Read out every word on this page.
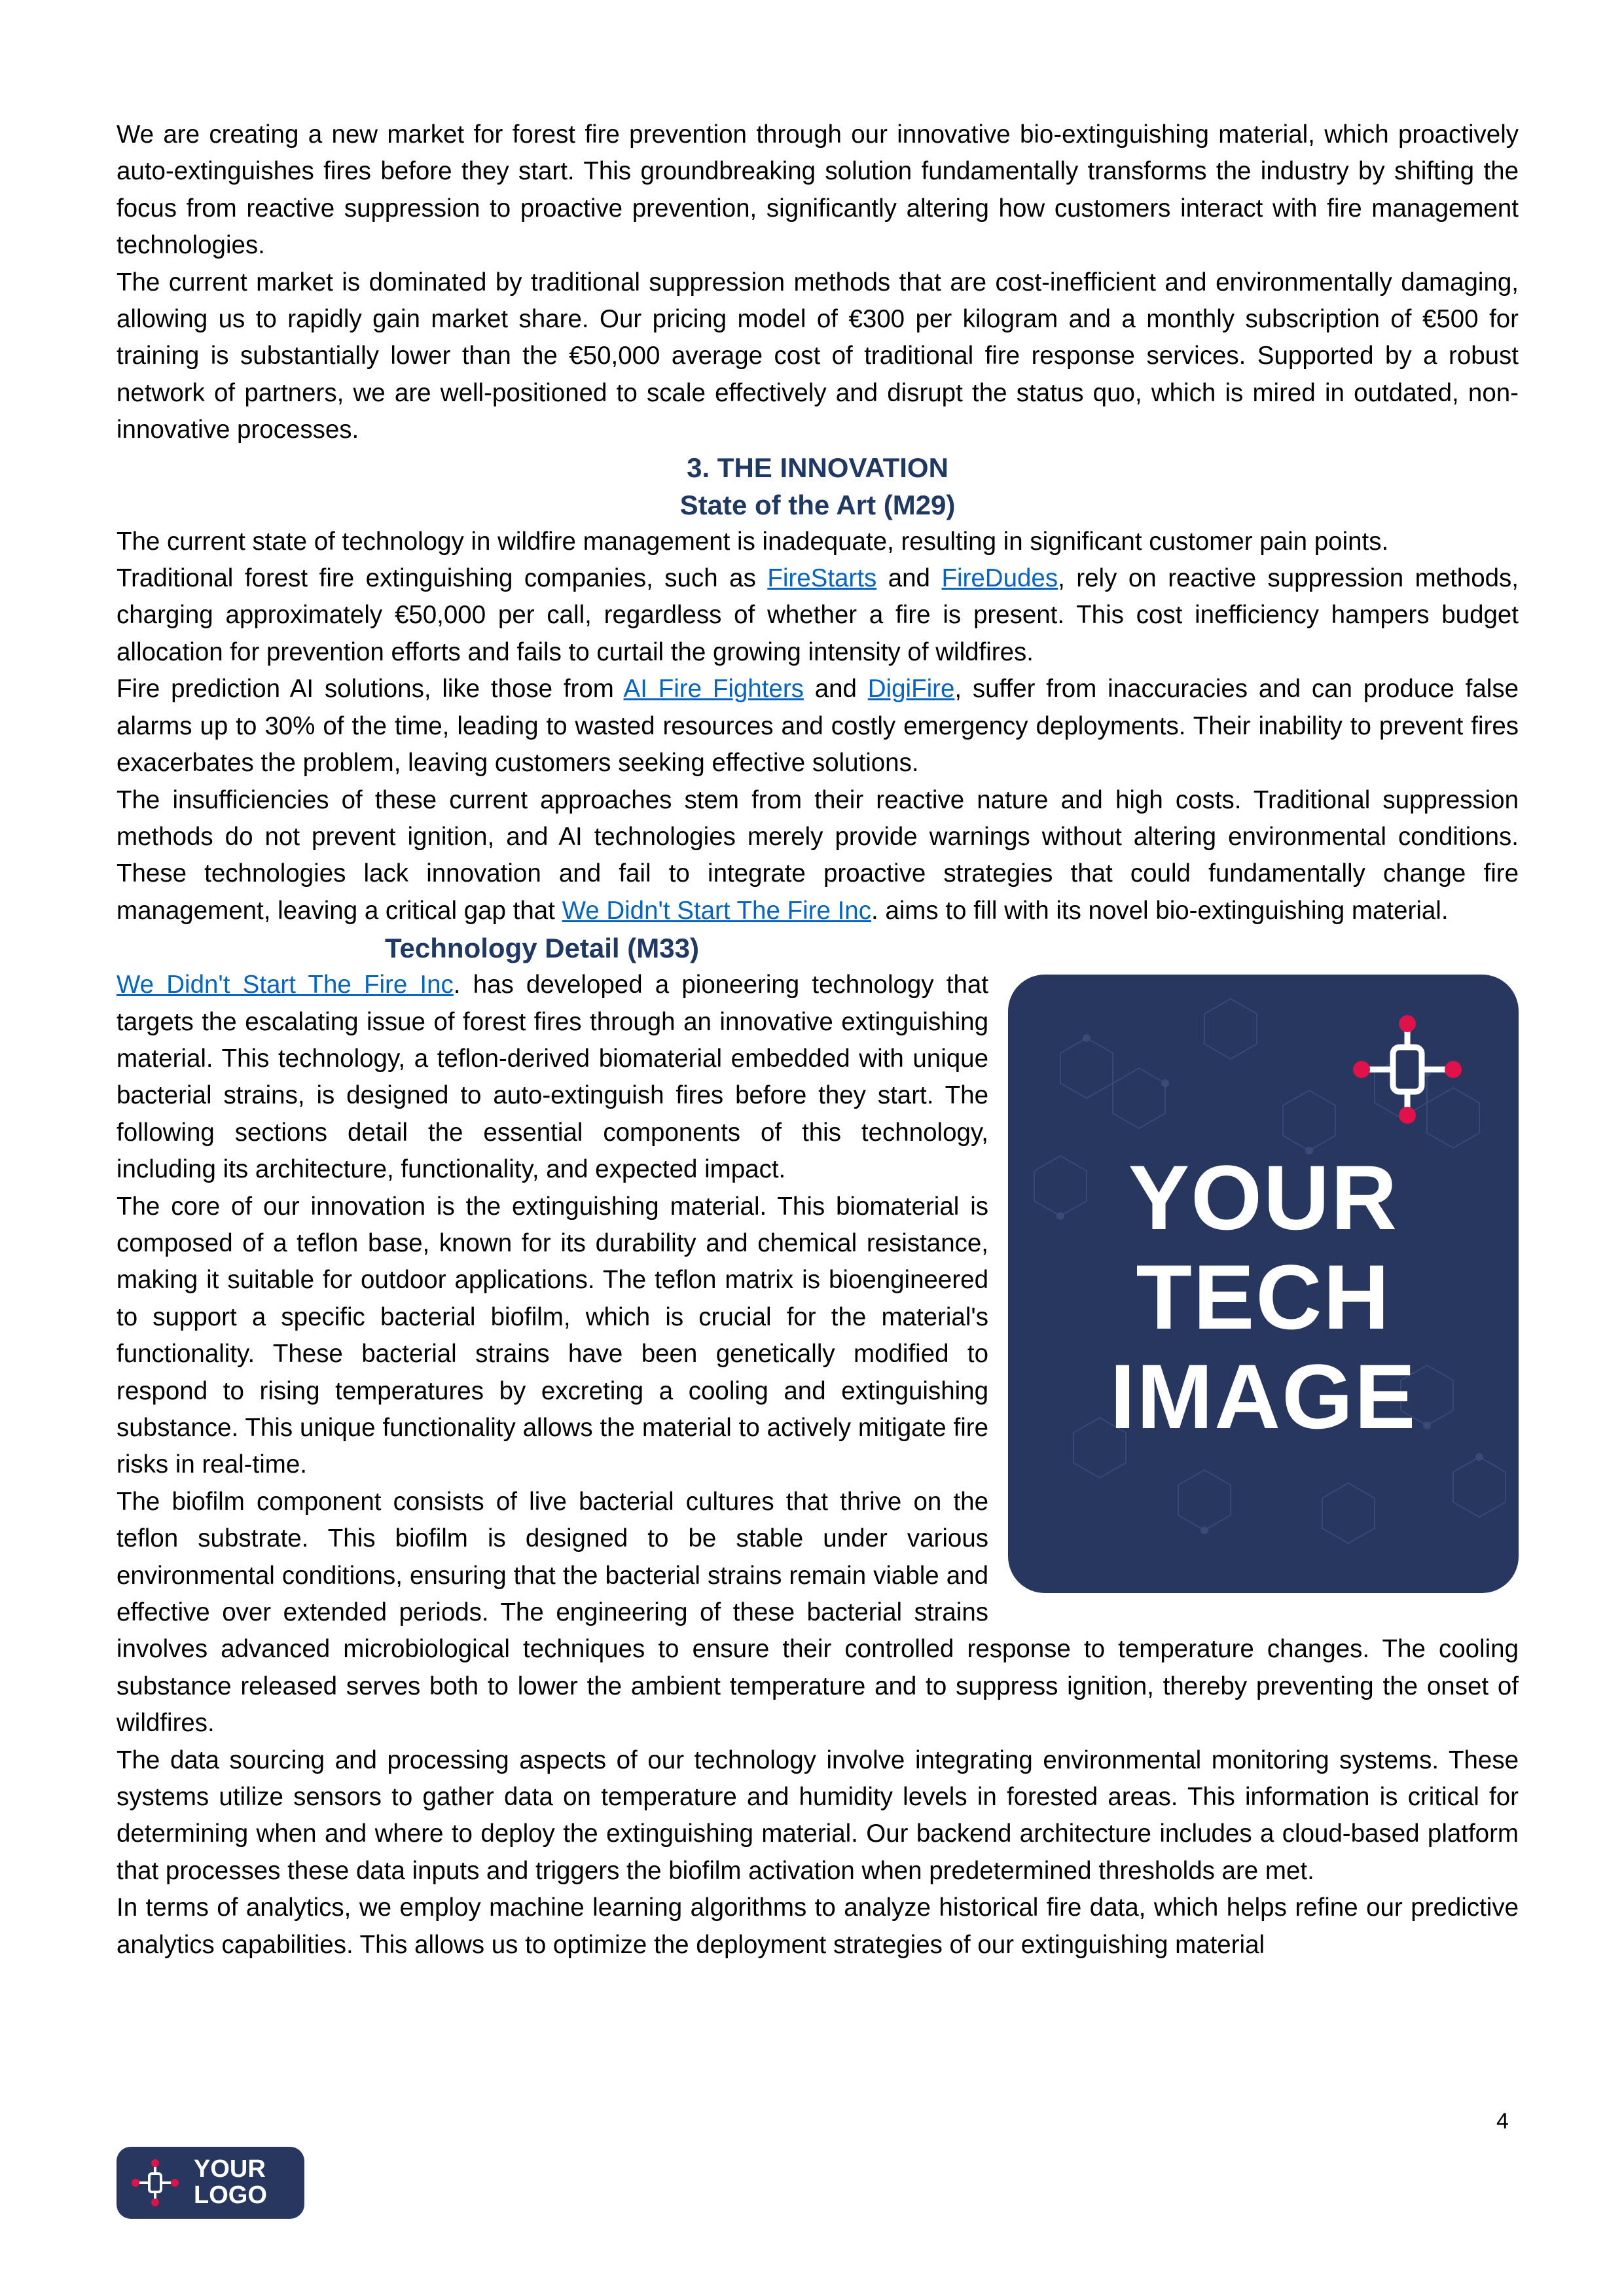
We are creating a new market for forest fire prevention through our innovative bio-extinguishing material, which proactively auto-extinguishes fires before they start. This groundbreaking solution fundamentally transforms the industry by shifting the focus from reactive suppression to proactive prevention, significantly altering how customers interact with fire management technologies.

The current market is dominated by traditional suppression methods that are cost-inefficient and environmentally damaging, allowing us to rapidly gain market share. Our pricing model of €300 per kilogram and a monthly subscription of €500 for training is substantially lower than the €50,000 average cost of traditional fire response services. Supported by a robust network of partners, we are well-positioned to scale effectively and disrupt the status quo, which is mired in outdated, non-innovative processes.

3. THE INNOVATION
State of the Art (M29)

The current state of technology in wildfire management is inadequate, resulting in significant customer pain points.

Traditional forest fire extinguishing companies, such as FireStarts and FireDudes, rely on reactive suppression methods, charging approximately €50,000 per call, regardless of whether a fire is present. This cost inefficiency hampers budget allocation for prevention efforts and fails to curtail the growing intensity of wildfires.

Fire prediction AI solutions, like those from AI Fire Fighters and DigiFire, suffer from inaccuracies and can produce false alarms up to 30% of the time, leading to wasted resources and costly emergency deployments. Their inability to prevent fires exacerbates the problem, leaving customers seeking effective solutions.

The insufficiencies of these current approaches stem from their reactive nature and high costs. Traditional suppression methods do not prevent ignition, and AI technologies merely provide warnings without altering environmental conditions. These technologies lack innovation and fail to integrate proactive strategies that could fundamentally change fire management, leaving a critical gap that We Didn't Start The Fire Inc. aims to fill with its novel bio-extinguishing material.

Technology Detail (M33)
YOUR
TECH
IMAGE

We Didn't Start The Fire Inc. has developed a pioneering technology that targets the escalating issue of forest fires through an innovative extinguishing material. This technology, a teflon-derived biomaterial embedded with unique bacterial strains, is designed to auto-extinguish fires before they start. The following sections detail the essential components of this technology, including its architecture, functionality, and expected impact.

The core of our innovation is the extinguishing material. This biomaterial is composed of a teflon base, known for its durability and chemical resistance, making it suitable for outdoor applications. The teflon matrix is bioengineered to support a specific bacterial biofilm, which is crucial for the material's functionality. These bacterial strains have been genetically modified to respond to rising temperatures by excreting a cooling and extinguishing substance. This unique functionality allows the material to actively mitigate fire risks in real-time.

The biofilm component consists of live bacterial cultures that thrive on the teflon substrate. This biofilm is designed to be stable under various environmental conditions, ensuring that the bacterial strains remain viable and effective over extended periods. The engineering of these bacterial strains involves advanced microbiological techniques to ensure their controlled response to temperature changes. The cooling substance released serves both to lower the ambient temperature and to suppress ignition, thereby preventing the onset of wildfires.

The data sourcing and processing aspects of our technology involve integrating environmental monitoring systems. These systems utilize sensors to gather data on temperature and humidity levels in forested areas. This information is critical for determining when and where to deploy the extinguishing material. Our backend architecture includes a cloud-based platform that processes these data inputs and triggers the biofilm activation when predetermined thresholds are met.

In terms of analytics, we employ machine learning algorithms to analyze historical fire data, which helps refine our predictive analytics capabilities. This allows us to optimize the deployment strategies of our extinguishing material

4
YOUR
LOGO
